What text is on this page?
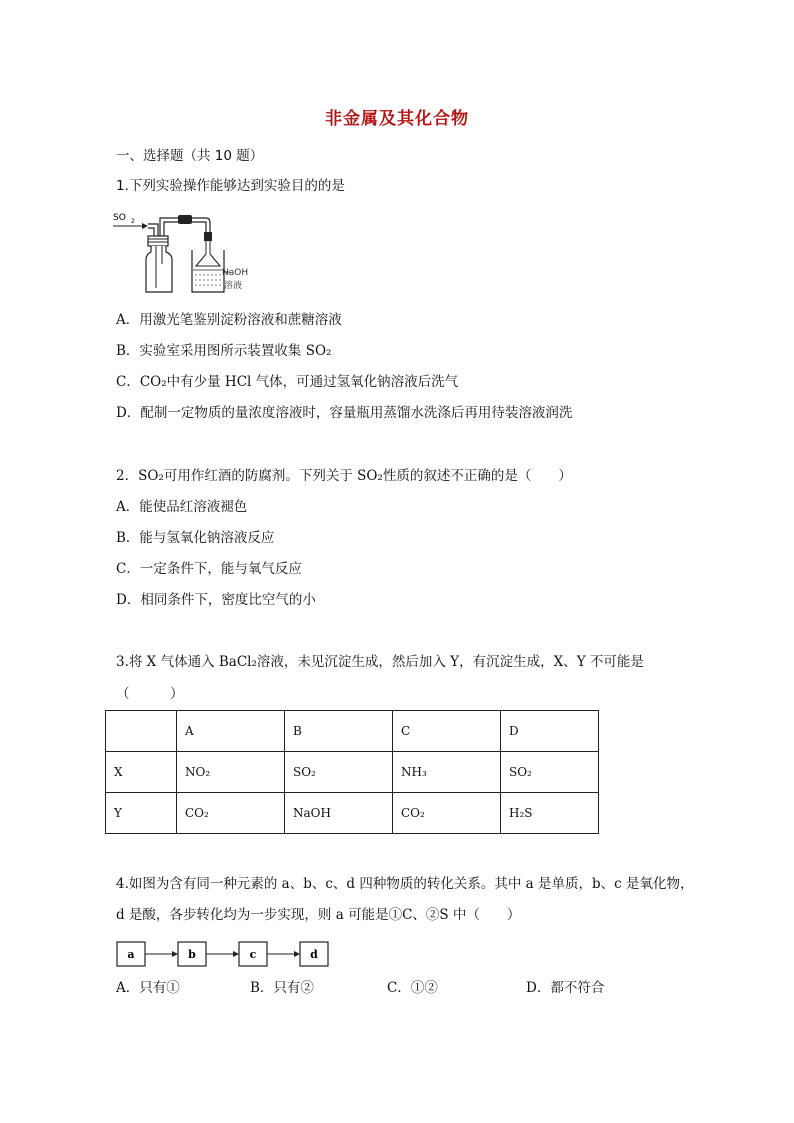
非金属及其化合物
一、选择题（共 10 题）
1.下列实验操作能够达到实验目的的是
SO 2
NaOH
溶液
A．用激光笔鉴别淀粉溶液和蔗糖溶液
B．实验室采用图所示装置收集 SO₂
C．CO₂中有少量 HCl 气体，可通过氢氧化钠溶液后洗气
D．配制一定物质的量浓度溶液时，容量瓶用蒸馏水洗涤后再用待装溶液润洗
2．SO₂可用作红酒的防腐剂。下列关于 SO₂性质的叙述不正确的是（　　）
A．能使品红溶液褪色
B．能与氢氧化钠溶液反应
C．一定条件下，能与氧气反应
D．相同条件下，密度比空气的小
3.将 X 气体通入 BaCl₂溶液，未见沉淀生成，然后加入 Y，有沉淀生成，X、Y 不可能是
（　　　）
	A	B	C	D
X	NO₂	SO₂	NH₃	SO₂
Y	CO₂	NaOH	CO₂	H₂S
4.如图为含有同一种元素的 a、b、c、d 四种物质的转化关系。其中 a 是单质，b、c 是氧化物，
d 是酸，各步转化均为一步实现，则 a 可能是①C、②S 中（　　）
a	b	c	d
A．只有①	B．只有②	C．①②	D．都不符合
